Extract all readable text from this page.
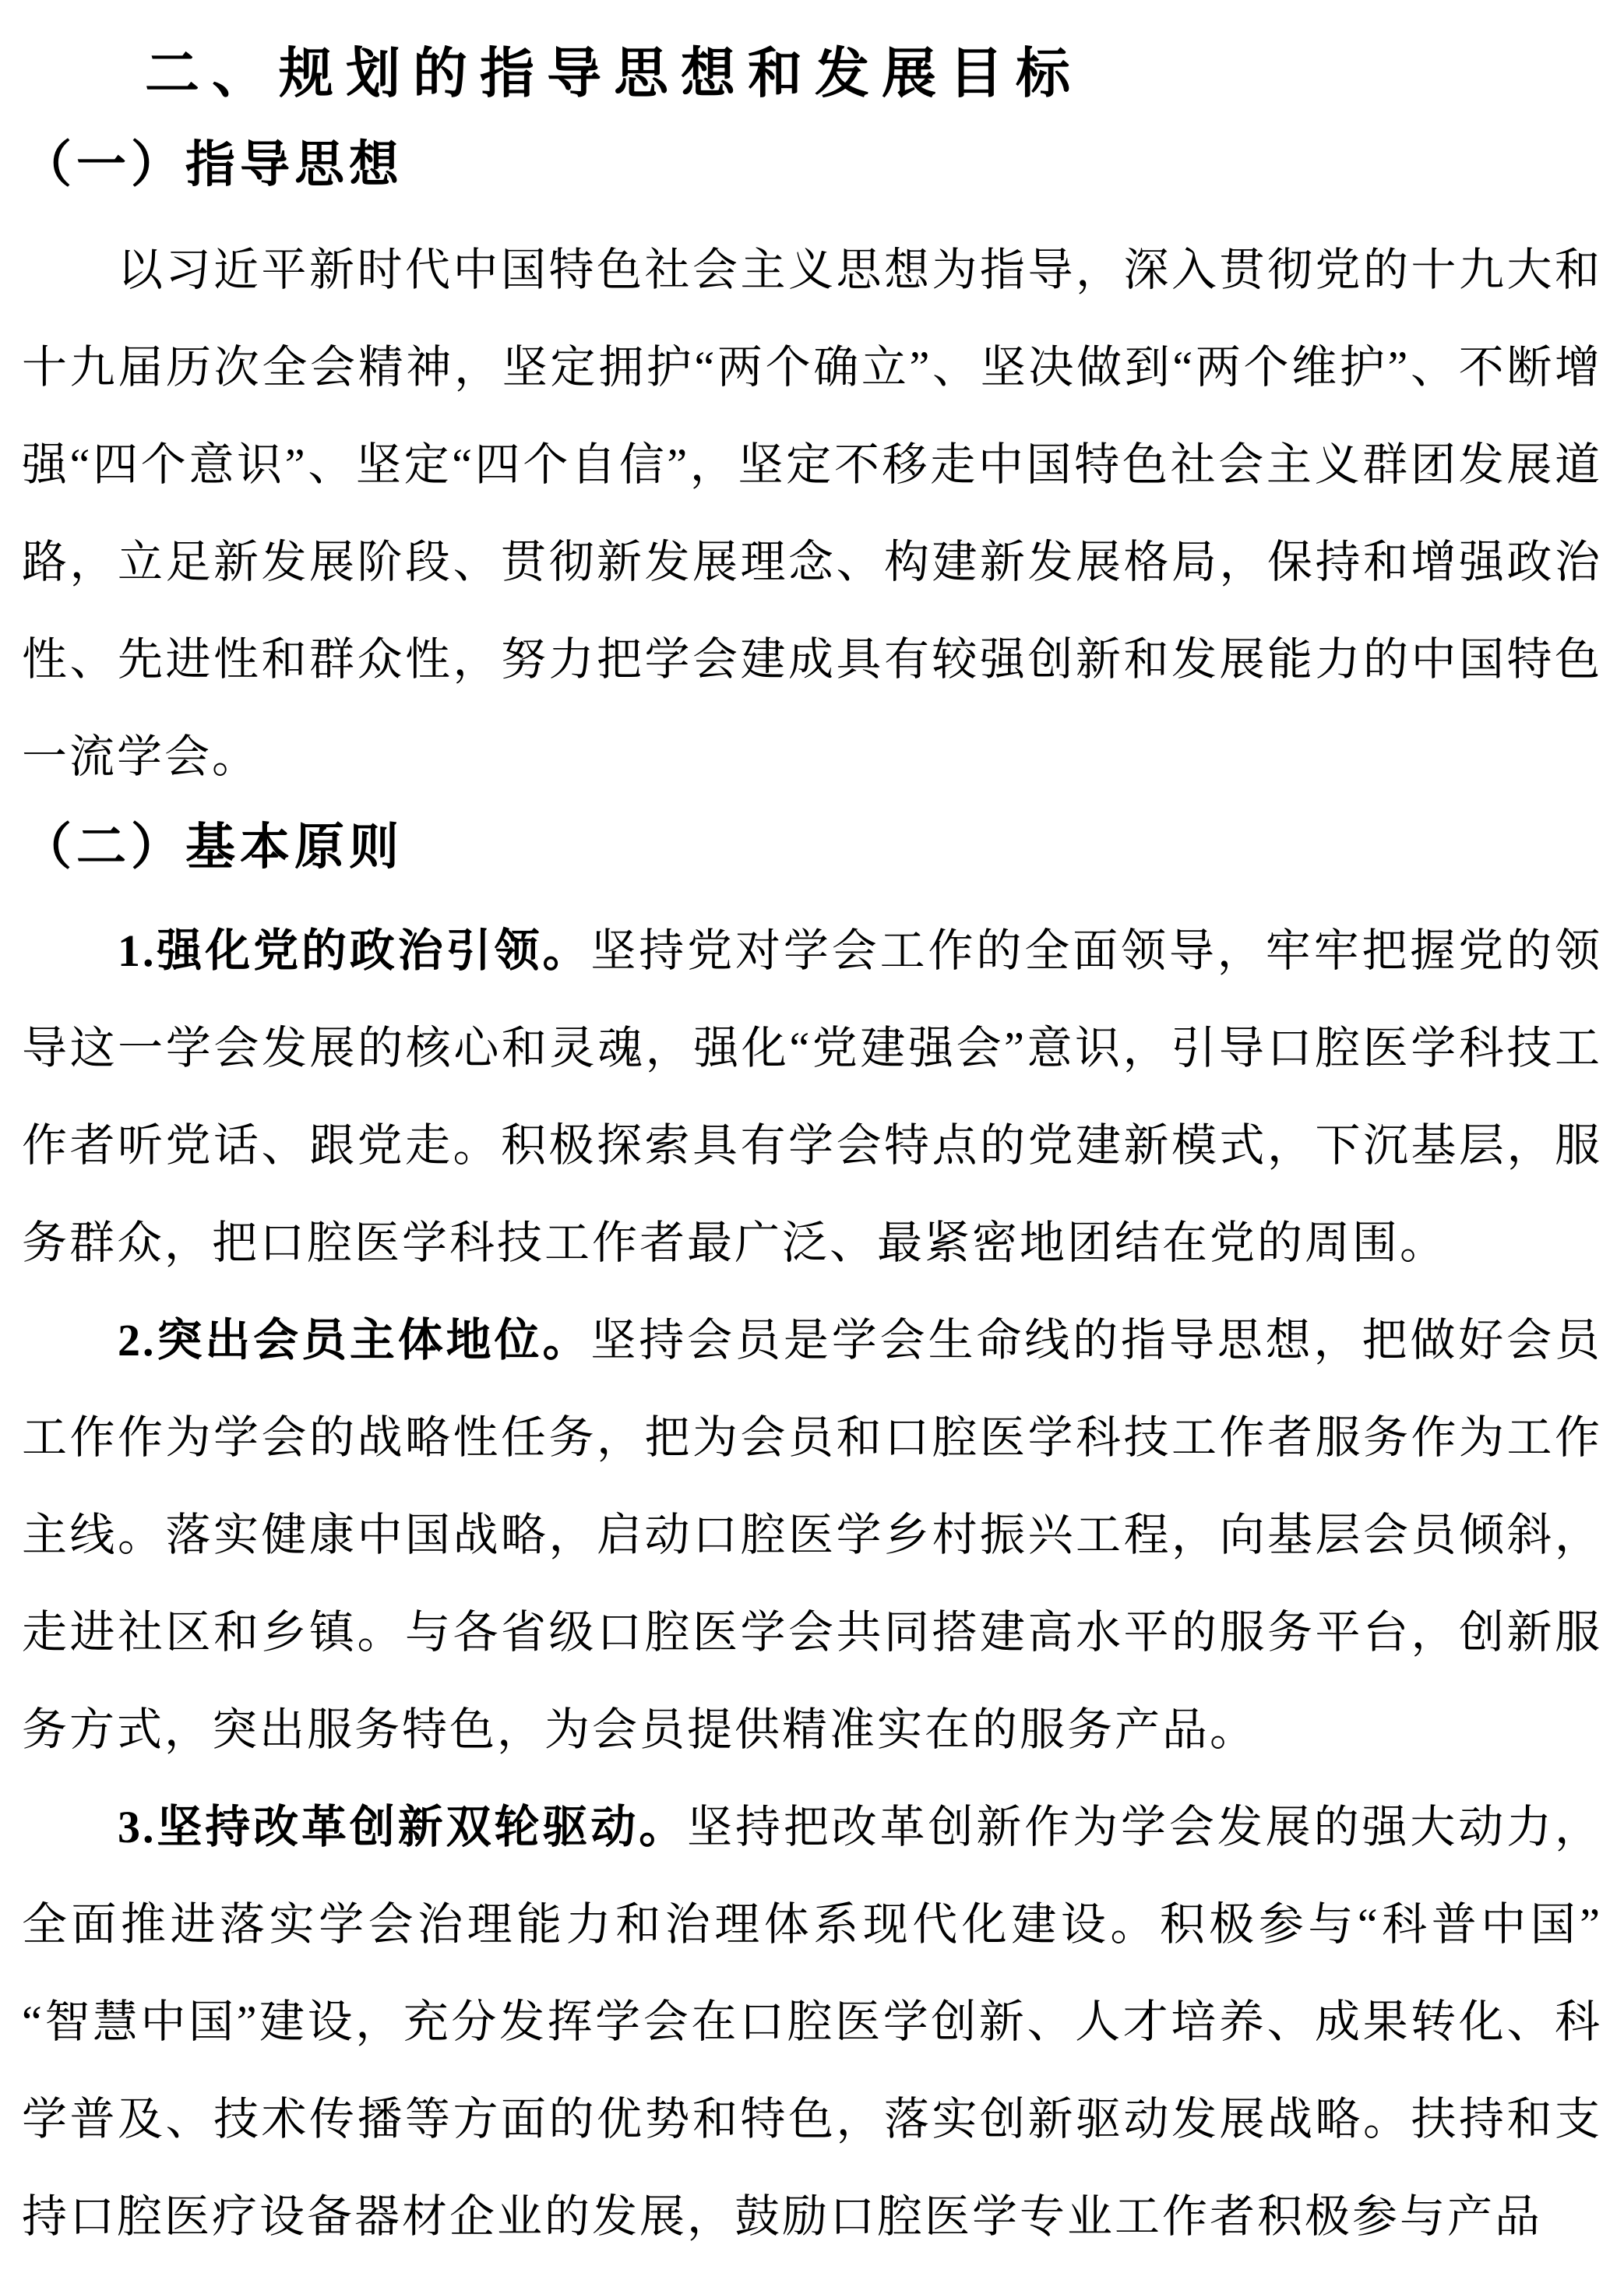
二、规划的指导思想和发展目标
（一）指导思想

以习近平新时代中国特色社会主义思想为指导，深入贯彻党的十九大和十九届历次全会精神，坚定拥护“两个确立”、坚决做到“两个维护”、不断增强“四个意识”、坚定“四个自信”，坚定不移走中国特色社会主义群团发展道路，立足新发展阶段、贯彻新发展理念、构建新发展格局，保持和增强政治性、先进性和群众性，努力把学会建成具有较强创新和发展能力的中国特色一流学会。

（二）基本原则

1.强化党的政治引领。坚持党对学会工作的全面领导，牢牢把握党的领导这一学会发展的核心和灵魂，强化“党建强会”意识，引导口腔医学科技工作者听党话、跟党走。积极探索具有学会特点的党建新模式，下沉基层，服务群众，把口腔医学科技工作者最广泛、最紧密地团结在党的周围。

2.突出会员主体地位。坚持会员是学会生命线的指导思想，把做好会员工作作为学会的战略性任务，把为会员和口腔医学科技工作者服务作为工作主线。落实健康中国战略，启动口腔医学乡村振兴工程，向基层会员倾斜，走进社区和乡镇。与各省级口腔医学会共同搭建高水平的服务平台，创新服务方式，突出服务特色，为会员提供精准实在的服务产品。

3.坚持改革创新双轮驱动。坚持把改革创新作为学会发展的强大动力，全面推进落实学会治理能力和治理体系现代化建设。积极参与“科普中国”“智慧中国”建设，充分发挥学会在口腔医学创新、人才培养、成果转化、科学普及、技术传播等方面的优势和特色，落实创新驱动发展战略。扶持和支持口腔医疗设备器材企业的发展，鼓励口腔医学专业工作者积极参与产品
